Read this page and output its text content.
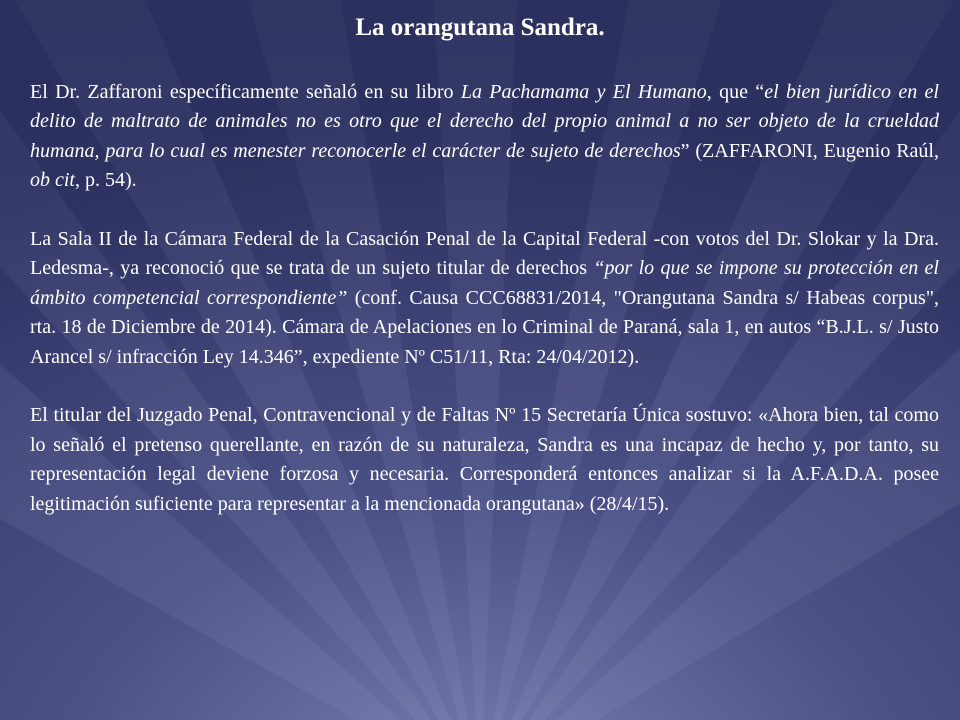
La orangutana Sandra.

El Dr. Zaffaroni específicamente señaló en su libro La Pachamama y El Humano, que “el bien jurídico en el delito de maltrato de animales no es otro que el derecho del propio animal a no ser objeto de la crueldad humana, para lo cual es menester reconocerle el carácter de sujeto de derechos” (ZAFFARONI, Eugenio Raúl, ob cit, p. 54).

La Sala II de la Cámara Federal de la Casación Penal de la Capital Federal -con votos del Dr. Slokar y la Dra. Ledesma-, ya reconoció que se trata de un sujeto titular de derechos “por lo que se impone su protección en el ámbito competencial correspondiente” (conf. Causa CCC68831/2014, "Orangutana Sandra s/ Habeas corpus", rta. 18 de Diciembre de 2014). Cámara de Apelaciones en lo Criminal de Paraná, sala 1, en autos “B.J.L. s/ Justo Arancel s/ infracción Ley 14.346”, expediente Nº C51/11, Rta: 24/04/2012).

El titular del Juzgado Penal, Contravencional y de Faltas Nº 15 Secretaría Única sostuvo: «Ahora bien, tal como lo señaló el pretenso querellante, en razón de su naturaleza, Sandra es una incapaz de hecho y, por tanto, su representación legal deviene forzosa y necesaria. Corresponderá entonces analizar si la A.F.A.D.A. posee legitimación suficiente para representar a la mencionada orangutana» (28/4/15).
